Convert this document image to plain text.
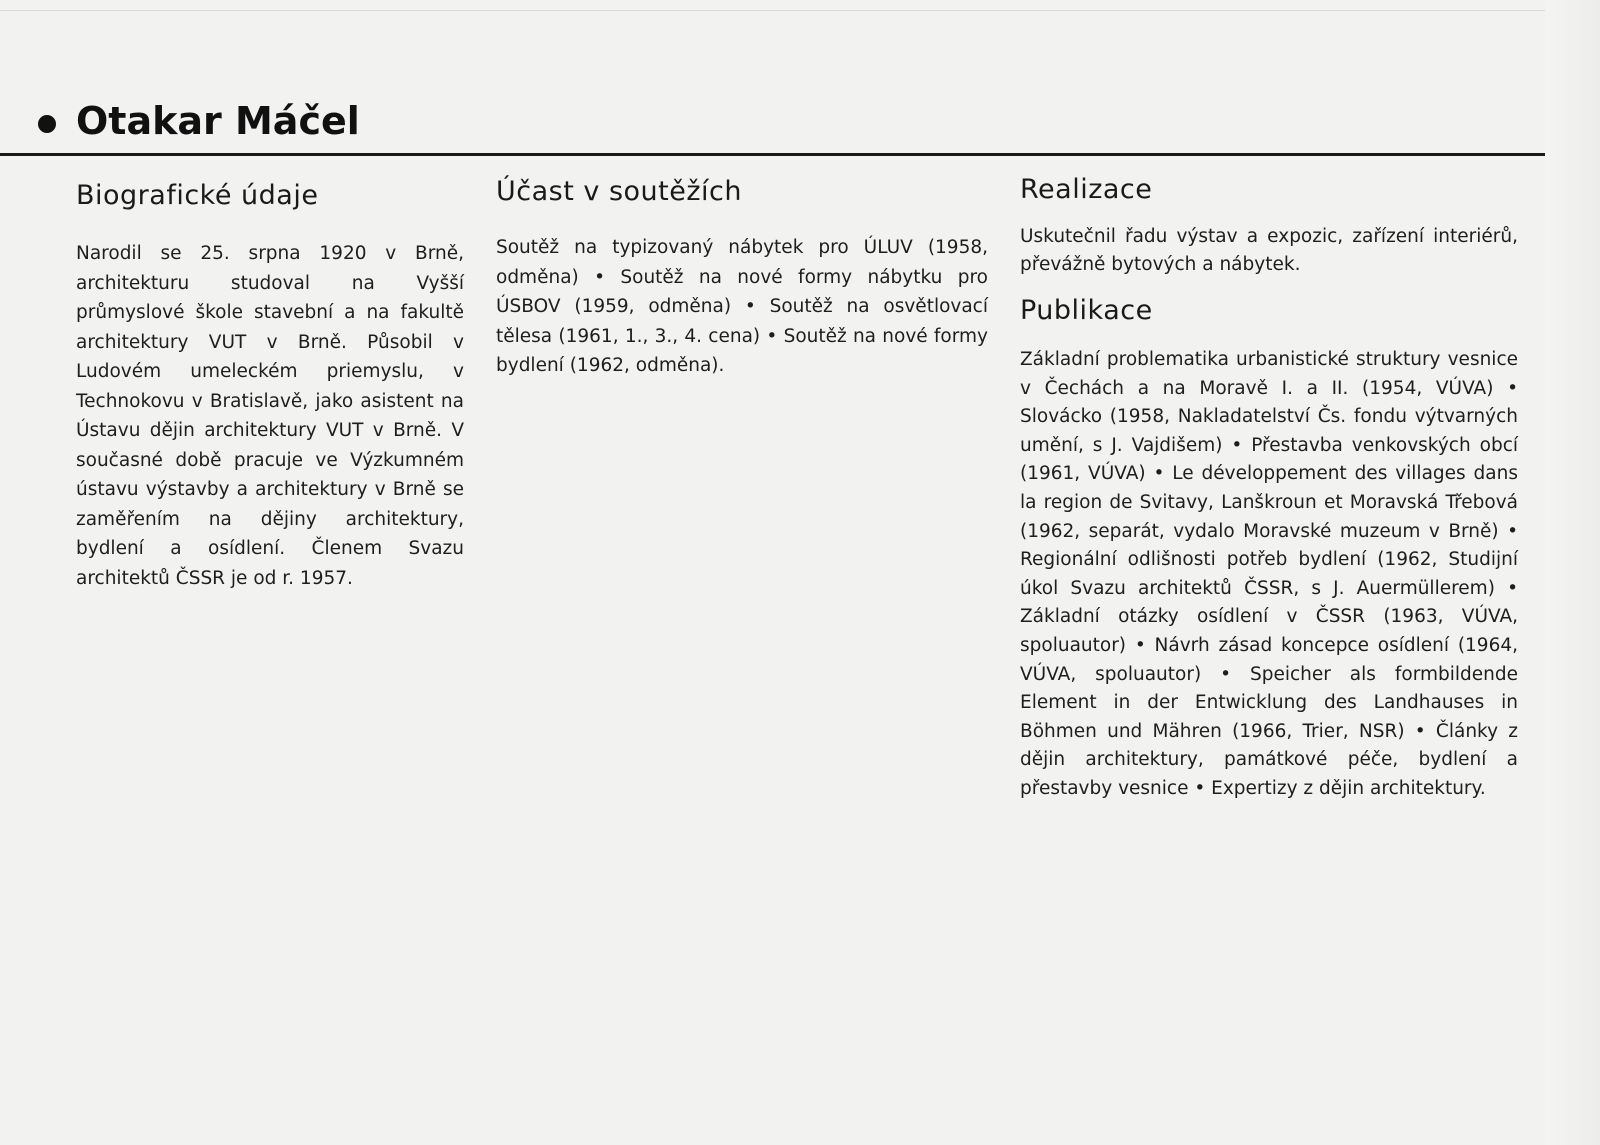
Otakar Máčel
Biografické údaje

Narodil se 25. srpna 1920 v Brně, architekturu studoval na Vyšší průmyslové škole stavební a na fakultě architektury VUT v Brně. Působil v Ludovém umeleckém priemyslu, v Technokovu v Bratislavě, jako asistent na Ústavu dějin architektury VUT v Brně. V současné době pracuje ve Výzkumném ústavu výstavby a architektury v Brně se zaměřením na dějiny architektury, bydlení a osídlení. Členem Svazu architektů ČSSR je od r. 1957.

Účast v soutěžích

Soutěž na typizovaný nábytek pro ÚLUV (1958, odměna) • Soutěž na nové formy nábytku pro ÚSBOV (1959, odměna) • Soutěž na osvětlovací tělesa (1961, 1., 3., 4. cena) • Soutěž na nové formy bydlení (1962, odměna).

Realizace

Uskutečnil řadu výstav a expozic, zařízení interiérů, převážně bytových a nábytek.

Publikace

Základní problematika urbanistické struktury vesnice v Čechách a na Moravě I. a II. (1954, VÚVA) • Slovácko (1958, Nakladatelství Čs. fondu výtvarných umění, s J. Vajdišem) • Přestavba venkovských obcí (1961, VÚVA) • Le développement des villages dans la region de Svitavy, Lanškroun et Moravská Třebová (1962, separát, vydalo Moravské muzeum v Brně) • Regionální odlišnosti potřeb bydlení (1962, Studijní úkol Svazu architektů ČSSR, s J. Auermüllerem) • Základní otázky osídlení v ČSSR (1963, VÚVA, spoluautor) • Návrh zásad koncepce osídlení (1964, VÚVA, spoluautor) • Speicher als formbildende Element in der Entwicklung des Landhauses in Böhmen und Mähren (1966, Trier, NSR) • Články z dějin architektury, památkové péče, bydlení a přestavby vesnice • Expertizy z dějin architektury.
